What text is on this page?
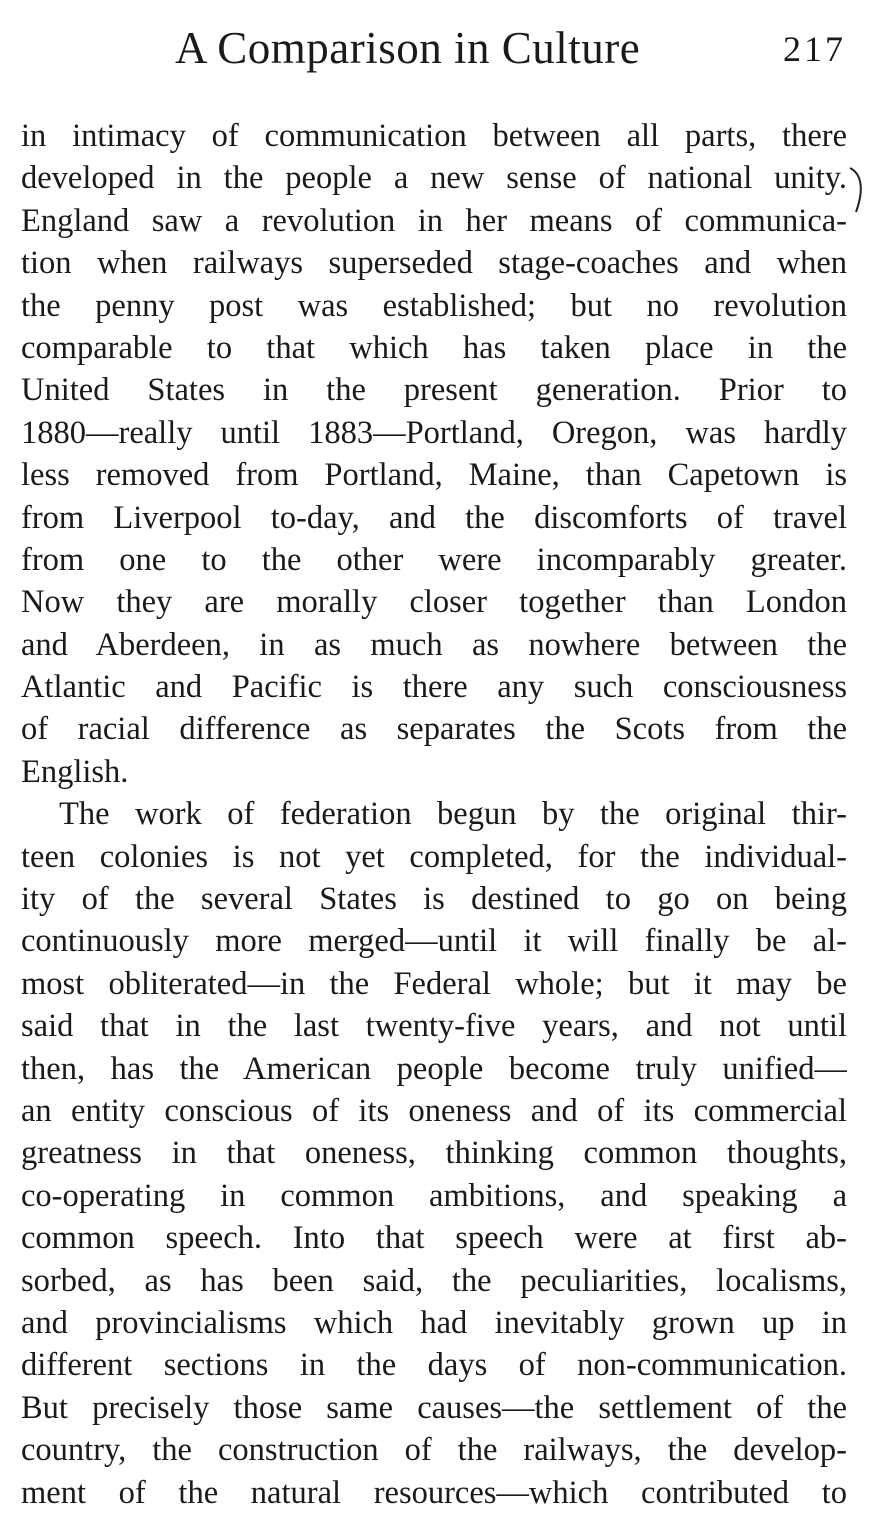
A Comparison in Culture	217
in intimacy of communication between all parts, there
developed in the people a new sense of national unity.
England saw a revolution in her means of communica-
tion when railways superseded stage-coaches and when
the penny post was established; but no revolution
comparable to that which has taken place in the
United States in the present generation. Prior to
1880—really until 1883—Portland, Oregon, was hardly
less removed from Portland, Maine, than Capetown is
from Liverpool to-day, and the discomforts of travel
from one to the other were incomparably greater.
Now they are morally closer together than London
and Aberdeen, in as much as nowhere between the
Atlantic and Pacific is there any such consciousness
of racial difference as separates the Scots from the
English.
The work of federation begun by the original thir-
teen colonies is not yet completed, for the individual-
ity of the several States is destined to go on being
continuously more merged—until it will finally be al-
most obliterated—in the Federal whole; but it may be
said that in the last twenty-five years, and not until
then, has the American people become truly unified—
an entity conscious of its oneness and of its commercial
greatness in that oneness, thinking common thoughts,
co-operating in common ambitions, and speaking a
common speech. Into that speech were at first ab-
sorbed, as has been said, the peculiarities, localisms,
and provincialisms which had inevitably grown up in
different sections in the days of non-communication.
But precisely those same causes—the settlement of the
country, the construction of the railways, the develop-
ment of the natural resources—which contributed to
